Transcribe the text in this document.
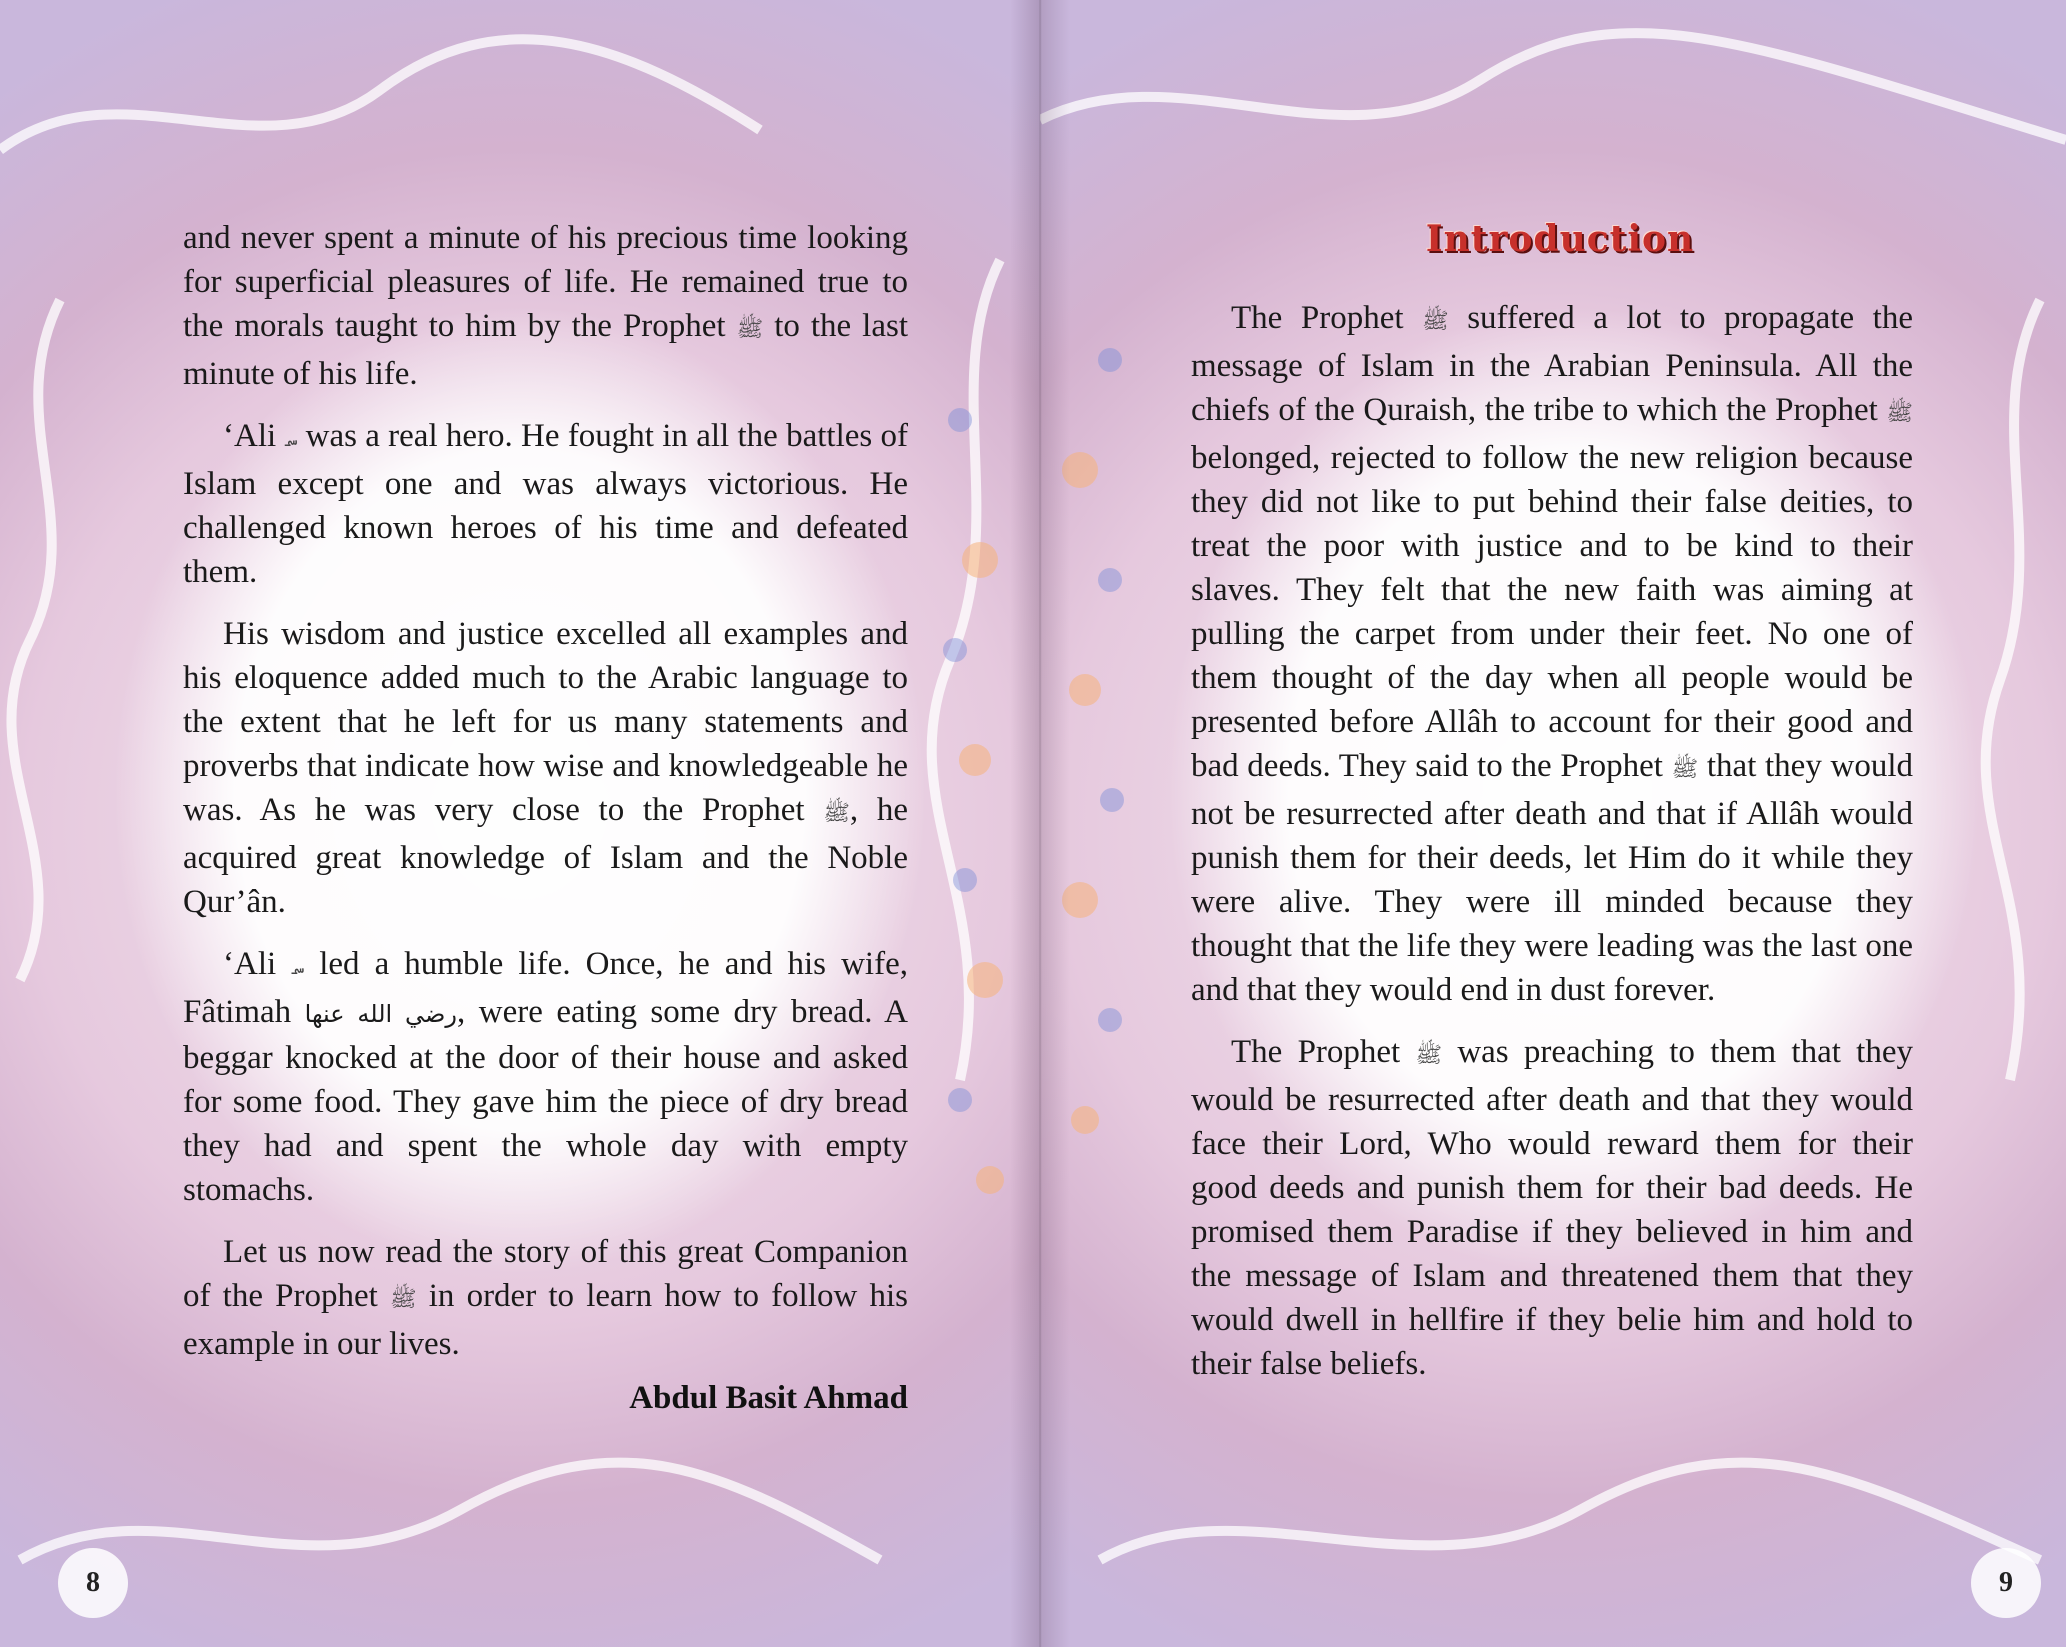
and never spent a minute of his precious time looking for superficial pleasures of life. He remained true to the morals taught to him by the Prophet ﷺ to the last minute of his life.

‘Ali ؄ was a real hero. He fought in all the battles of Islam except one and was always victorious. He challenged known heroes of his time and defeated them.

His wisdom and justice excelled all examples and his eloquence added much to the Arabic language to the extent that he left for us many statements and proverbs that indicate how wise and knowledgeable he was. As he was very close to the Prophet ﷺ, he acquired great knowledge of Islam and the Noble Qur’ân.

‘Ali ؄ led a humble life. Once, he and his wife, Fâtimah رضي الله عنها, were eating some dry bread. A beggar knocked at the door of their house and asked for some food. They gave him the piece of dry bread they had and spent the whole day with empty stomachs.

Let us now read the story of this great Companion of the Prophet ﷺ in order to learn how to follow his example in our lives.

Abdul Basit Ahmad
8
Introduction

The Prophet ﷺ suffered a lot to propagate the message of Islam in the Arabian Peninsula. All the chiefs of the Quraish, the tribe to which the Prophet ﷺ belonged, rejected to follow the new religion because they did not like to put behind their false deities, to treat the poor with justice and to be kind to their slaves. They felt that the new faith was aiming at pulling the carpet from under their feet. No one of them thought of the day when all people would be presented before Allâh to account for their good and bad deeds. They said to the Prophet ﷺ that they would not be resurrected after death and that if Allâh would punish them for their deeds, let Him do it while they were alive. They were ill minded because they thought that the life they were leading was the last one and that they would end in dust forever.

The Prophet ﷺ was preaching to them that they would be resurrected after death and that they would face their Lord, Who would reward them for their good deeds and punish them for their bad deeds. He promised them Paradise if they believed in him and the message of Islam and threatened them that they would dwell in hellfire if they belie him and hold to their false beliefs.

9
